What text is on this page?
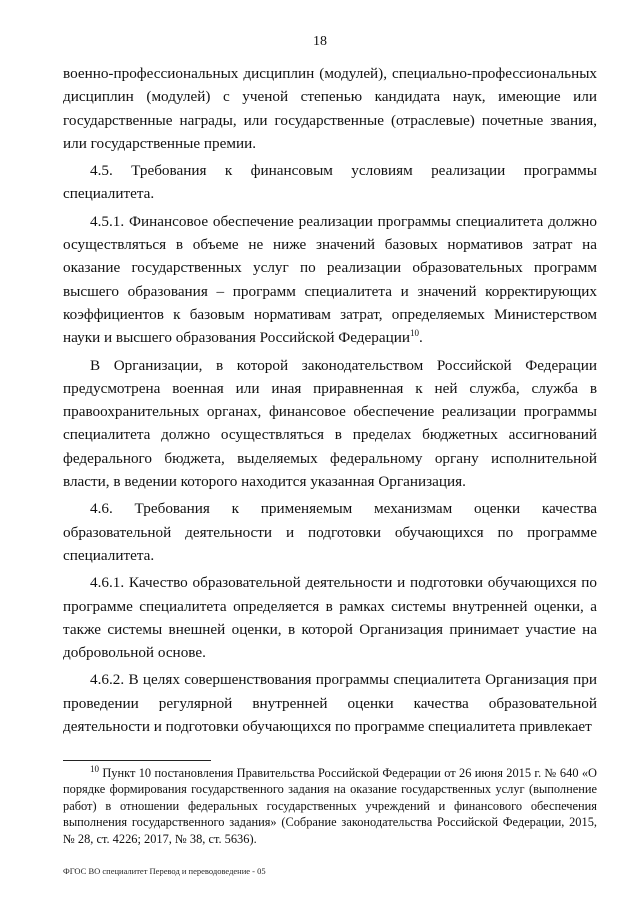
18

военно-профессиональных дисциплин (модулей), специально-профессиональных дисциплин (модулей) с ученой степенью кандидата наук, имеющие или государственные награды, или государственные (отраслевые) почетные звания, или государственные премии.

4.5. Требования к финансовым условиям реализации программы специалитета.

4.5.1. Финансовое обеспечение реализации программы специалитета должно осуществляться в объеме не ниже значений базовых нормативов затрат на оказание государственных услуг по реализации образовательных программ высшего образования – программ специалитета и значений корректирующих коэффициентов к базовым нормативам затрат, определяемых Министерством науки и высшего образования Российской Федерации$^{10}$.

В Организации, в которой законодательством Российской Федерации предусмотрена военная или иная приравненная к ней служба, служба в правоохранительных органах, финансовое обеспечение реализации программы специалитета должно осуществляться в пределах бюджетных ассигнований федерального бюджета, выделяемых федеральному органу исполнительной власти, в ведении которого находится указанная Организация.

4.6. Требования к применяемым механизмам оценки качества образовательной деятельности и подготовки обучающихся по программе специалитета.

4.6.1. Качество образовательной деятельности и подготовки обучающихся по программе специалитета определяется в рамках системы внутренней оценки, а также системы внешней оценки, в которой Организация принимает участие на добровольной основе.

4.6.2. В целях совершенствования программы специалитета Организация при проведении регулярной внутренней оценки качества образовательной деятельности и подготовки обучающихся по программе специалитета привлекает

$^{10}$ Пункт 10 постановления Правительства Российской Федерации от 26 июня 2015 г. № 640 «О порядке формирования государственного задания на оказание государственных услуг (выполнение работ) в отношении федеральных государственных учреждений и финансового обеспечения выполнения государственного задания» (Собрание законодательства Российской Федерации, 2015, № 28, ст. 4226; 2017, № 38, ст. 5636).

ФГОС ВО специалитет Перевод и переводоведение - 05
